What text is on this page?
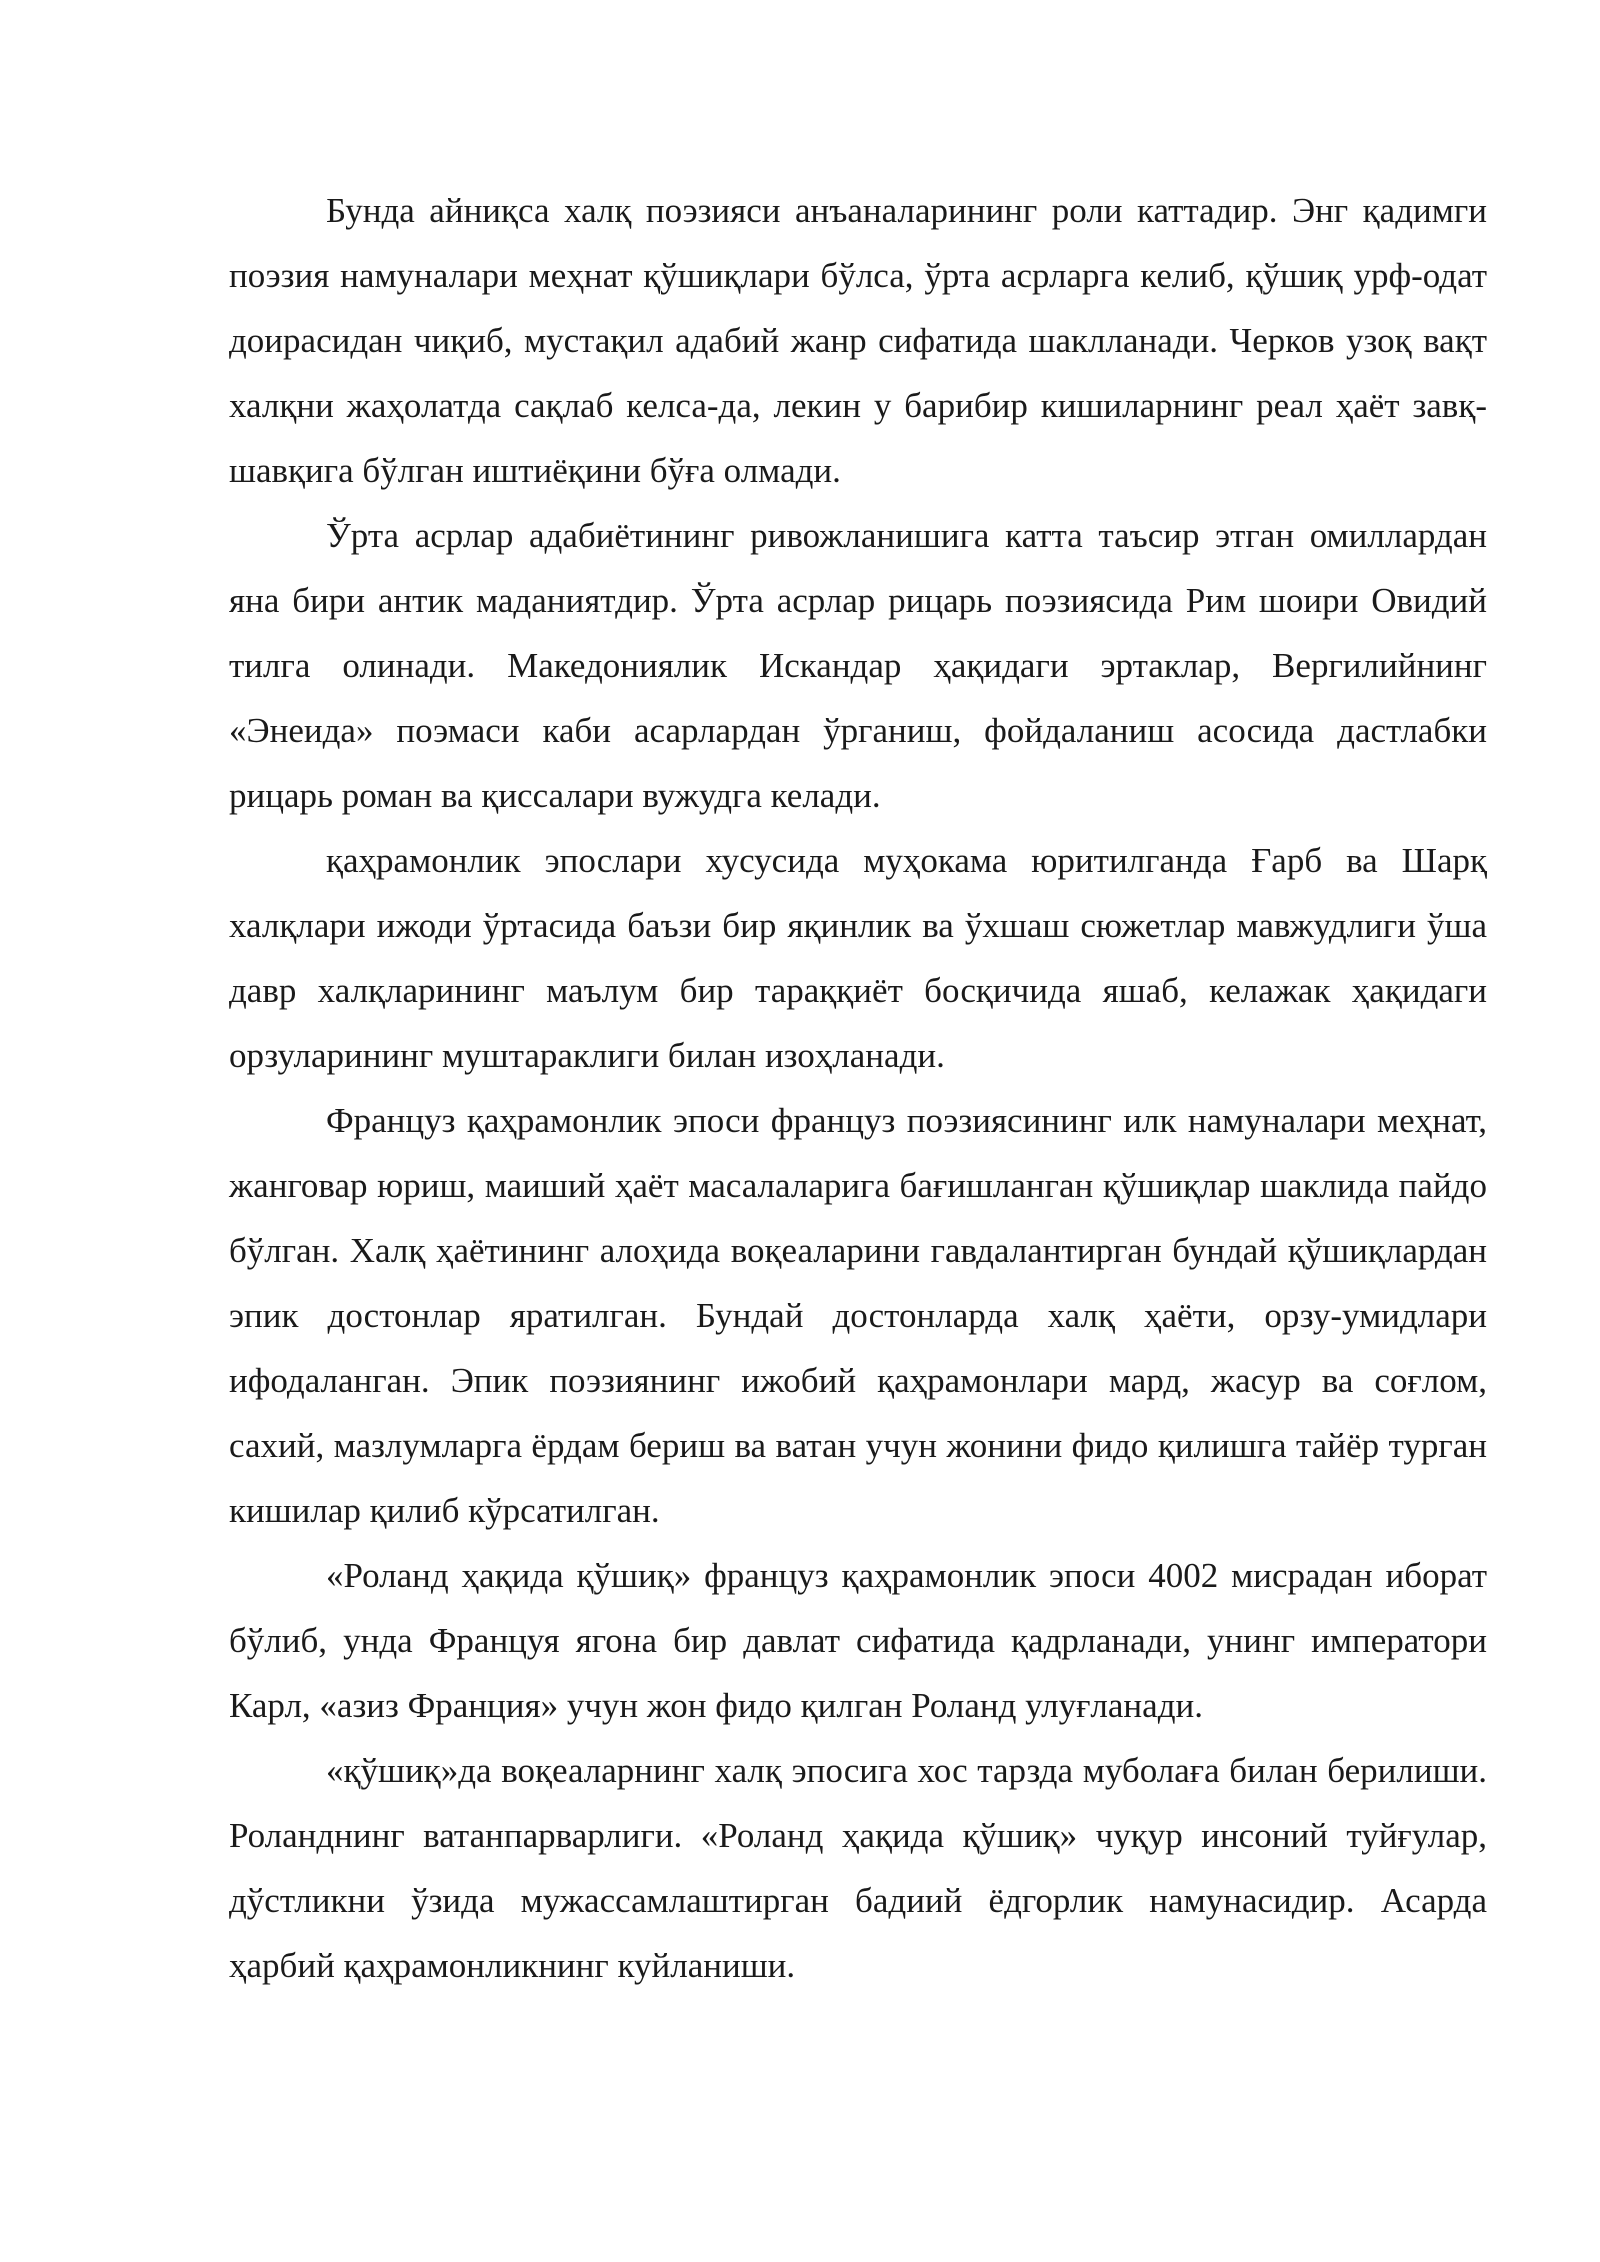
Бунда айниқса халқ поэзияси анъаналарининг роли каттадир. Энг қадимги поэзия намуналари меҳнат қўшиқлари бўлса, ўрта асрларга келиб, қўшиқ урф-одат доирасидан чиқиб, мустақил адабий жанр сифатида шаклланади. Черков узоқ вақт халқни жаҳолатда сақлаб келса-да, лекин у барибир кишиларнинг реал ҳаёт завқ-шавқига бўлган иштиёқини бўға олмади.

Ўрта асрлар адабиётининг ривожланишига катта таъсир этган омиллардан яна бири антик маданиятдир. Ўрта асрлар рицарь поэзиясида Рим шоири Овидий тилга олинади. Македониялик Искандар ҳақидаги эртаклар, Вергилийнинг «Энеида» поэмаси каби асарлардан ўрганиш, фойдаланиш асосида дастлабки рицарь роман ва қиссалари вужудга келади.

қаҳрамонлик эпослари хусусида муҳокама юритилганда Ғарб ва Шарқ халқлари ижоди ўртасида баъзи бир яқинлик ва ўхшаш сюжетлар мавжудлиги ўша давр халқларининг маълум бир тараққиёт босқичида яшаб, келажак ҳақидаги орзуларининг муштараклиги билан изоҳланади.

Француз қаҳрамонлик эпоси француз поэзиясининг илк намуналари меҳнат, жанговар юриш, маиший ҳаёт масалаларига бағишланган қўшиқлар шаклида пайдо бўлган. Халқ ҳаётининг алоҳида воқеаларини гавдалантирган бундай қўшиқлардан эпик достонлар яратилган. Бундай достонларда халқ ҳаёти, орзу-умидлари ифодаланган. Эпик поэзиянинг ижобий қаҳрамонлари мард, жасур ва соғлом, сахий, мазлумларга ёрдам бериш ва ватан учун жонини фидо қилишга тайёр турган кишилар қилиб кўрсатилган.

«Роланд ҳақида қўшиқ» француз қаҳрамонлик эпоси 4002 мисрадан иборат бўлиб, унда Француя ягона бир давлат сифатида қадрланади, унинг императори Карл, «азиз Франция» учун жон фидо қилган Роланд улуғланади.

«қўшиқ»да воқеаларнинг халқ эпосига хос тарзда муболаға билан берилиши. Роланднинг ватанпарварлиги. «Роланд ҳақида қўшиқ» чуқур инсоний туйғулар, дўстликни ўзида мужассамлаштирган бадиий ёдгорлик намунасидир. Асарда ҳарбий қаҳрамонликнинг куйланиши.
